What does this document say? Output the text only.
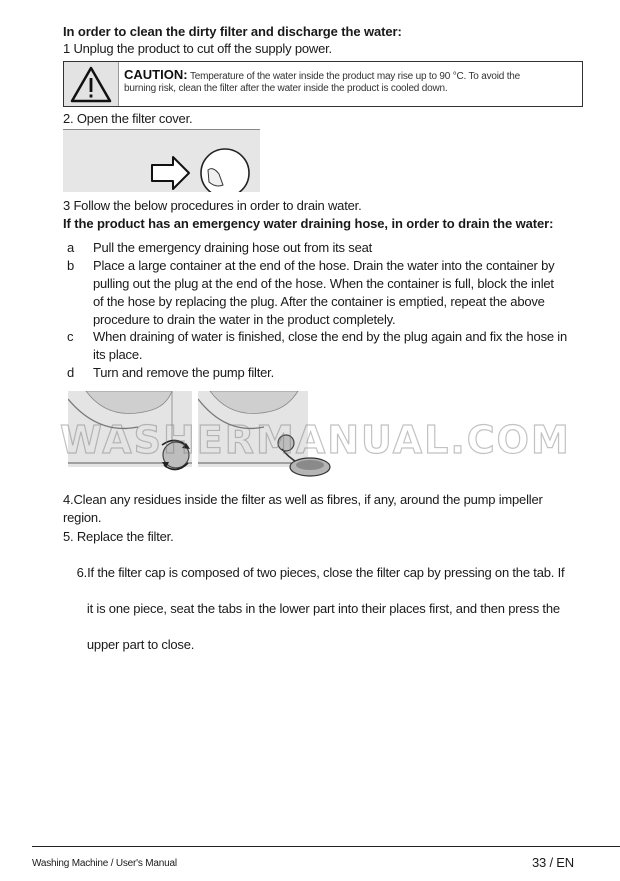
In order to clean the dirty filter and discharge the water:
1 Unplug the product to cut off the supply power.
CAUTION: Temperature of the water inside the product may rise up to 90 °C. To avoid the
burning risk, clean the filter after the water inside the product is cooled down.
2. Open the filter cover.
3 Follow the below procedures in order to drain water.
If the product has an emergency water draining hose, in order to drain the water:
a	Pull the emergency draining hose out from its seat
b	Place a large container at the end of the hose. Drain the water into the container by
pulling out the plug at the end of the hose. When the container is full, block the inlet
of the hose by replacing the plug. After the container is emptied, repeat the above
procedure to drain the water in the product completely.
c	When draining of water is finished, close the end by the plug again and fix the hose in
its place.
d	Turn and remove the pump filter.
WASHERMANUAL.COM
4.Clean any residues inside the filter as well as fibres, if any, around the pump impeller
region.
5. Replace the filter.

6.If the filter cap is composed of two pieces, close the filter cap by pressing on the tab. If

it is one piece, seat the tabs in the lower part into their places first, and then press the

upper part to close.

Washing Machine / User's Manual	33 / EN
